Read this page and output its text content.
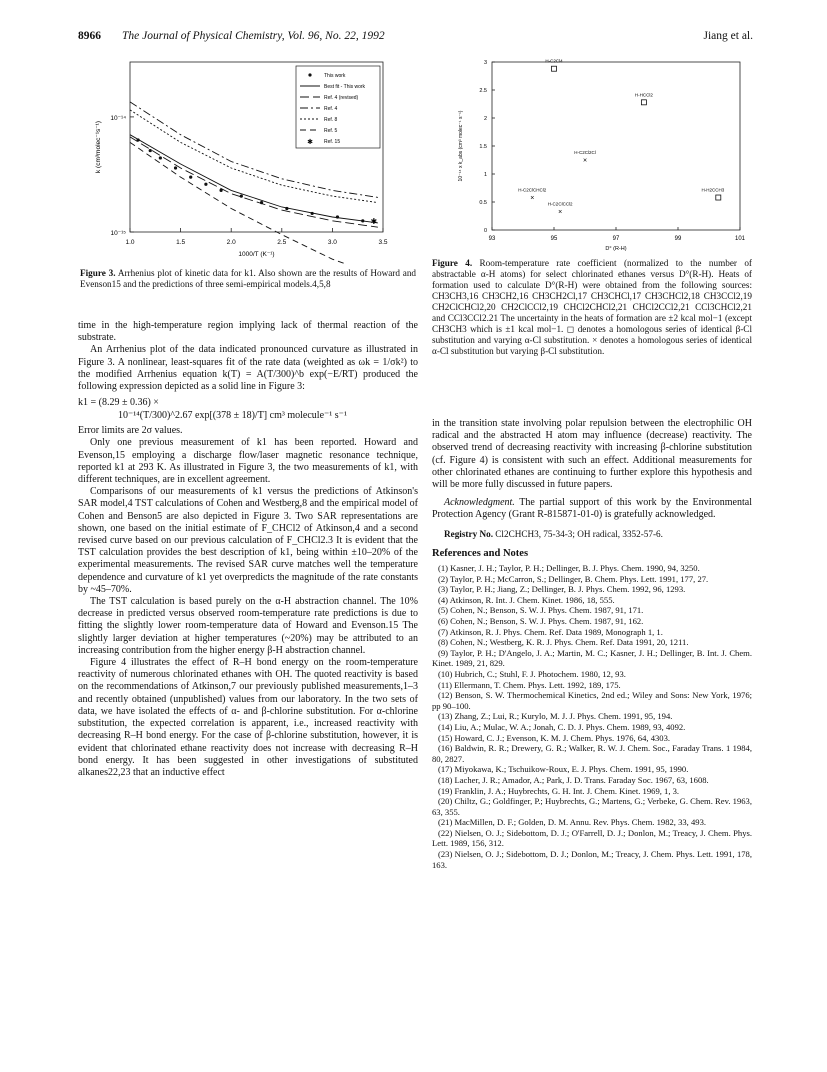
8966 The Journal of Physical Chemistry, Vol. 96, No. 22, 1992	Jiang et al.
1.0	1.5	2.0	2.5	3.0	3.5
10⁻¹⁴
10⁻¹⁵
1000/T (K⁻¹)
k (cm³molec⁻¹s⁻¹)
✱
This work
Best fit - This work
Ref. 4 (revised)
Ref. 4
Ref. 8
Ref. 5
✱ Ref. 15
Figure 3. Arrhenius plot of kinetic data for k1. Also shown are the results of Howard and Evenson15 and the predictions of three semi-empirical models.4,5,8

time in the high-temperature region implying lack of thermal reaction of the substrate.

An Arrhenius plot of the data indicated pronounced curvature as illustrated in Figure 3. A nonlinear, least-squares fit of the rate data (weighted as ωk = 1/σk²) to the modified Arrhenius equation k(T) = A(T/300)^b exp(−E/RT) produced the following expression depicted as a solid line in Figure 3:

k1 = (8.29 ± 0.36) ×

10⁻¹⁴(T/300)^2.67 exp[(378 ± 18)/T] cm³ molecule⁻¹ s⁻¹

Error limits are 2σ values.

Only one previous measurement of k1 has been reported. Howard and Evenson,15 employing a discharge flow/laser magnetic resonance technique, reported k1 at 293 K. As illustrated in Figure 3, the two measurements of k1, with different techniques, are in excellent agreement.

Comparisons of our measurements of k1 versus the predictions of Atkinson's SAR model,4 TST calculations of Cohen and Westberg,8 and the empirical model of Cohen and Benson5 are also depicted in Figure 3. Two SAR representations are shown, one based on the initial estimate of F_CHCl2 of Atkinson,4 and a second revised curve based on our previous calculation of F_CHCl2.3 It is evident that the TST calculation provides the best description of k1, being within ±10–20% of the experimental measurements. The revised SAR curve matches well the temperature dependence and curvature of k1 yet overpredicts the magnitude of the rate constants by ~45–70%.

The TST calculation is based purely on the α-H abstraction channel. The 10% decrease in predicted versus observed room-temperature rate predictions is due to fitting the slightly lower room-temperature data of Howard and Evenson.15 The slightly larger deviation at higher temperatures (~20%) may be attributed to an increasing contribution from the higher energy β-H abstraction channel.

Figure 4 illustrates the effect of R–H bond energy on the room-temperature reactivity of numerous chlorinated ethanes with OH. The quoted reactivity is based on the recommendations of Atkinson,7 our previously published measurements,1–3 and recently obtained (unpublished) values from our laboratory. In the two sets of data, we have isolated the effects of α- and β-chlorine substitution. For α-chlorine substitution, the expected correlation is apparent, i.e., increased reactivity with decreasing R–H bond energy. For the case of β-chlorine substitution, however, it is evident that chlorinated ethane reactivity does not increase with decreasing R–H bond energy. It has been suggested in other investigations of substituted alkanes22,23 that an inductive effect

93	95	97	99	101
0
0.5
1
1.5
2
2.5
3
D° (R-H)
10⁻¹⁴ x k_abs (cm³ molec⁻¹ s⁻¹)
H-C2Cl4
H-HCCl2
×
H-C2Cl2Cl
×
H-C2ClCHCl2
×
H-C2ClCCl2
H-H2CCH3
Figure 4. Room-temperature rate coefficient (normalized to the number of abstractable α-H atoms) for select chlorinated ethanes versus D°(R-H). Heats of formation used to calculate D°(R-H) were obtained from the following sources: CH3CH3,16 CH3CH2,16 CH3CH2Cl,17 CH3CHCl,17 CH3CHCl2,18 CH3CCl2,19 CH2ClCHCl2,20 CH2ClCCl2,19 CHCl2CHCl2,21 CHCl2CCl2,21 CCl3CHCl2,21 and CCl3CCl2.21 The uncertainty in the heats of formation are ±2 kcal mol−1 (except CH3CH3 which is ±1 kcal mol−1. ◻ denotes a homologous series of identical β-Cl substitution and varying α-Cl substitution. × denotes a homologous series of identical α-Cl substitution but varying β-Cl substitution.

in the transition state involving polar repulsion between the electrophilic OH radical and the abstracted H atom may influence (decrease) reactivity. The observed trend of decreasing reactivity with increasing β-chlorine substitution (cf. Figure 4) is consistent with such an effect. Additional measurements for other chlorinated ethanes are continuing to further explore this hypothesis and will be more fully discussed in future papers.

Acknowledgment. The partial support of this work by the Environmental Protection Agency (Grant R-815871-01-0) is gratefully acknowledged.

Registry No. Cl2CHCH3, 75-34-3; OH radical, 3352-57-6.

References and Notes

(1) Kasner, J. H.; Taylor, P. H.; Dellinger, B. J. Phys. Chem. 1990, 94, 3250.

(2) Taylor, P. H.; McCarron, S.; Dellinger, B. Chem. Phys. Lett. 1991, 177, 27.

(3) Taylor, P. H.; Jiang, Z.; Dellinger, B. J. Phys. Chem. 1992, 96, 1293.

(4) Atkinson, R. Int. J. Chem. Kinet. 1986, 18, 555.

(5) Cohen, N.; Benson, S. W. J. Phys. Chem. 1987, 91, 171.

(6) Cohen, N.; Benson, S. W. J. Phys. Chem. 1987, 91, 162.

(7) Atkinson, R. J. Phys. Chem. Ref. Data 1989, Monograph 1, 1.

(8) Cohen, N.; Westberg, K. R. J. Phys. Chem. Ref. Data 1991, 20, 1211.

(9) Taylor, P. H.; D'Angelo, J. A.; Martin, M. C.; Kasner, J. H.; Dellinger, B. Int. J. Chem. Kinet. 1989, 21, 829.

(10) Hubrich, C.; Stuhl, F. J. Photochem. 1980, 12, 93.

(11) Ellermann, T. Chem. Phys. Lett. 1992, 189, 175.

(12) Benson, S. W. Thermochemical Kinetics, 2nd ed.; Wiley and Sons: New York, 1976; pp 90–100.

(13) Zhang, Z.; Lui, R.; Kurylo, M. J. J. Phys. Chem. 1991, 95, 194.

(14) Liu, A.; Mulac, W. A.; Jonah, C. D. J. Phys. Chem. 1989, 93, 4092.

(15) Howard, C. J.; Evenson, K. M. J. Chem. Phys. 1976, 64, 4303.

(16) Baldwin, R. R.; Drewery, G. R.; Walker, R. W. J. Chem. Soc., Faraday Trans. 1 1984, 80, 2827.

(17) Miyokawa, K.; Tschuikow-Roux, E. J. Phys. Chem. 1991, 95, 1990.

(18) Lacher, J. R.; Amador, A.; Park, J. D. Trans. Faraday Soc. 1967, 63, 1608.

(19) Franklin, J. A.; Huybrechts, G. H. Int. J. Chem. Kinet. 1969, 1, 3.

(20) Chiltz, G.; Goldfinger, P.; Huybrechts, G.; Martens, G.; Verbeke, G. Chem. Rev. 1963, 63, 355.

(21) MacMillen, D. F.; Golden, D. M. Annu. Rev. Phys. Chem. 1982, 33, 493.

(22) Nielsen, O. J.; Sidebottom, D. J.; O'Farrell, D. J.; Donlon, M.; Treacy, J. Chem. Phys. Lett. 1989, 156, 312.

(23) Nielsen, O. J.; Sidebottom, D. J.; Donlon, M.; Treacy, J. Chem. Phys. Lett. 1991, 178, 163.
